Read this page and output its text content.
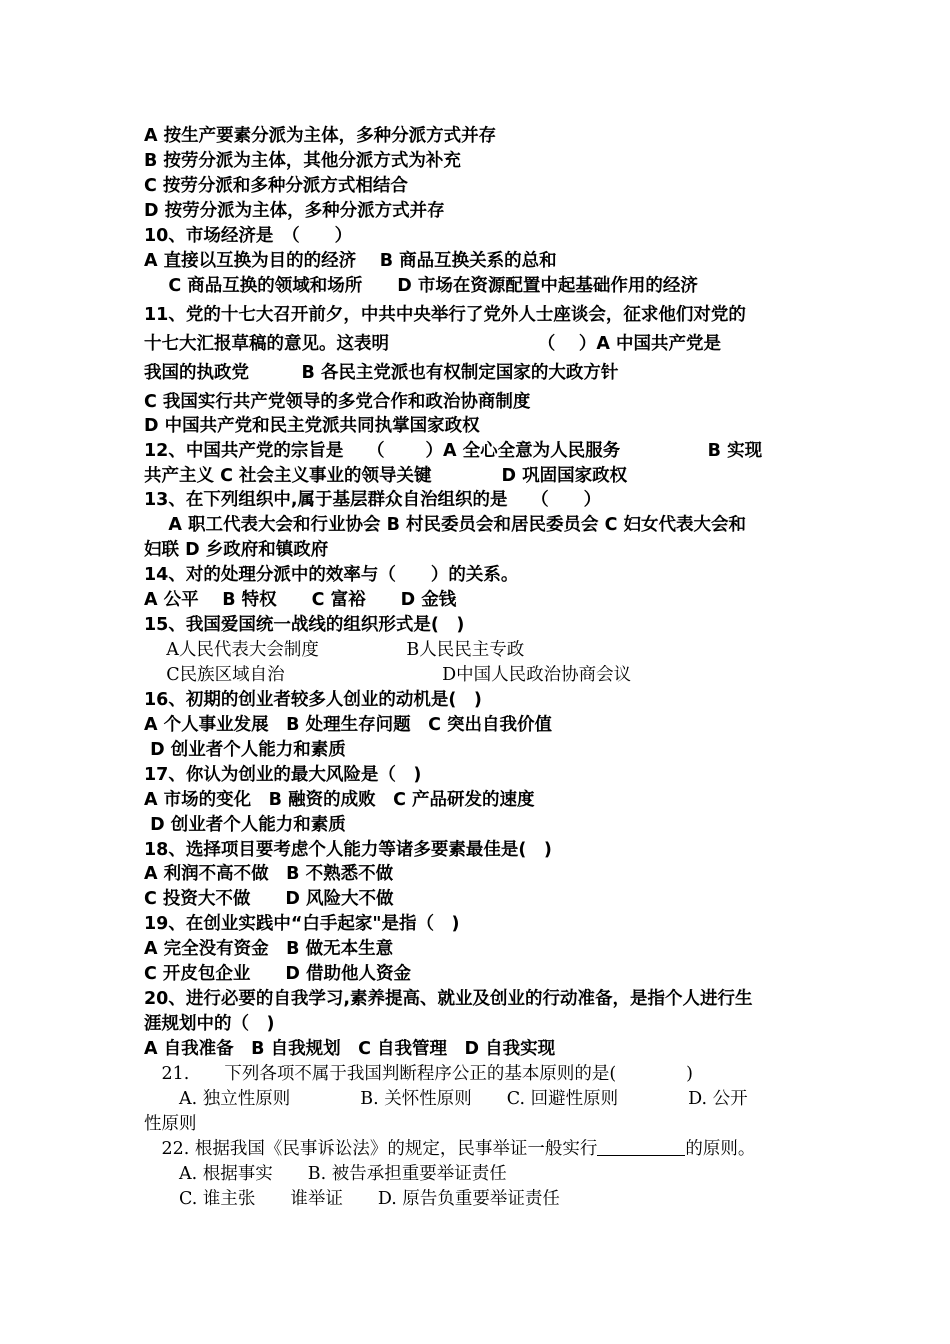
A 按生产要素分派为主体，多种分派方式并存
B 按劳分派为主体，其他分派方式为补充
C 按劳分派和多种分派方式相结合
D 按劳分派为主体，多种分派方式并存
10、市场经济是　（　　）
A 直接以互换为目的的经济　 B 商品互换关系的总和
C 商品互换的领域和场所　　D 市场在资源配置中起基础作用的经济
11、党的十七大召开前夕，中共中央举行了党外人士座谈会，征求他们对党的
十七大汇报草稿的意见。这表明　　　　　　　　　（　 ）A 中国共产党是
我国的执政党　　　B 各民主党派也有权制定国家的大政方针
C 我国实行共产党领导的多党合作和政治协商制度
D 中国共产党和民主党派共同执掌国家政权
12、中国共产党的宗旨是　 （　　 ）A 全心全意为人民服务　　　　　B 实现
共产主义 C 社会主义事业的领导关键　　　　D 巩固国家政权
13、在下列组织中,属于基层群众自治组织的是　 （　　）
A 职工代表大会和行业协会 B 村民委员会和居民委员会 C 妇女代表大会和
妇联 D 乡政府和镇政府
14、对的处理分派中的效率与（　　）的关系。
A 公平　 B 特权　　C 富裕　　D 金钱
15、我国爱国统一战线的组织形式是(　)
A人民代表大会制度　　　　　B人民民主专政
C民族区域自治　　　　　　　　　D中国人民政治协商会议
16、初期的创业者较多人创业的动机是(　)
A 个人事业发展　B 处理生存问题　C 突出自我价值
D 创业者个人能力和素质
17、你认为创业的最大风险是（　)
A 市场的变化　B 融资的成败　C 产品研发的速度
D 创业者个人能力和素质
18、选择项目要考虑个人能力等诸多要素最佳是(　)
A 利润不高不做　B 不熟悉不做
C 投资大不做　　D 风险大不做
19、在创业实践中“白手起家"是指（　)
A 完全没有资金　B 做无本生意
C 开皮包企业　　D 借助他人资金
20、进行必要的自我学习,素养提高、就业及创业的行动准备，是指个人进行生
涯规划中的（　)
A 自我准备　B 自我规划　C 自我管理　D 自我实现
　21.　　下列各项不属于我国判断程序公正的基本原则的是(　　　　)
　　A. 独立性原则　　　　B. 关怀性原则　　C. 回避性原则　　　　D. 公开
性原则
　22. 根据我国《民事诉讼法》的规定，民事举证一般实行	的原则。
　　A. 根据事实　　B. 被告承担重要举证责任
　　C. 谁主张　　谁举证　　D. 原告负重要举证责任
